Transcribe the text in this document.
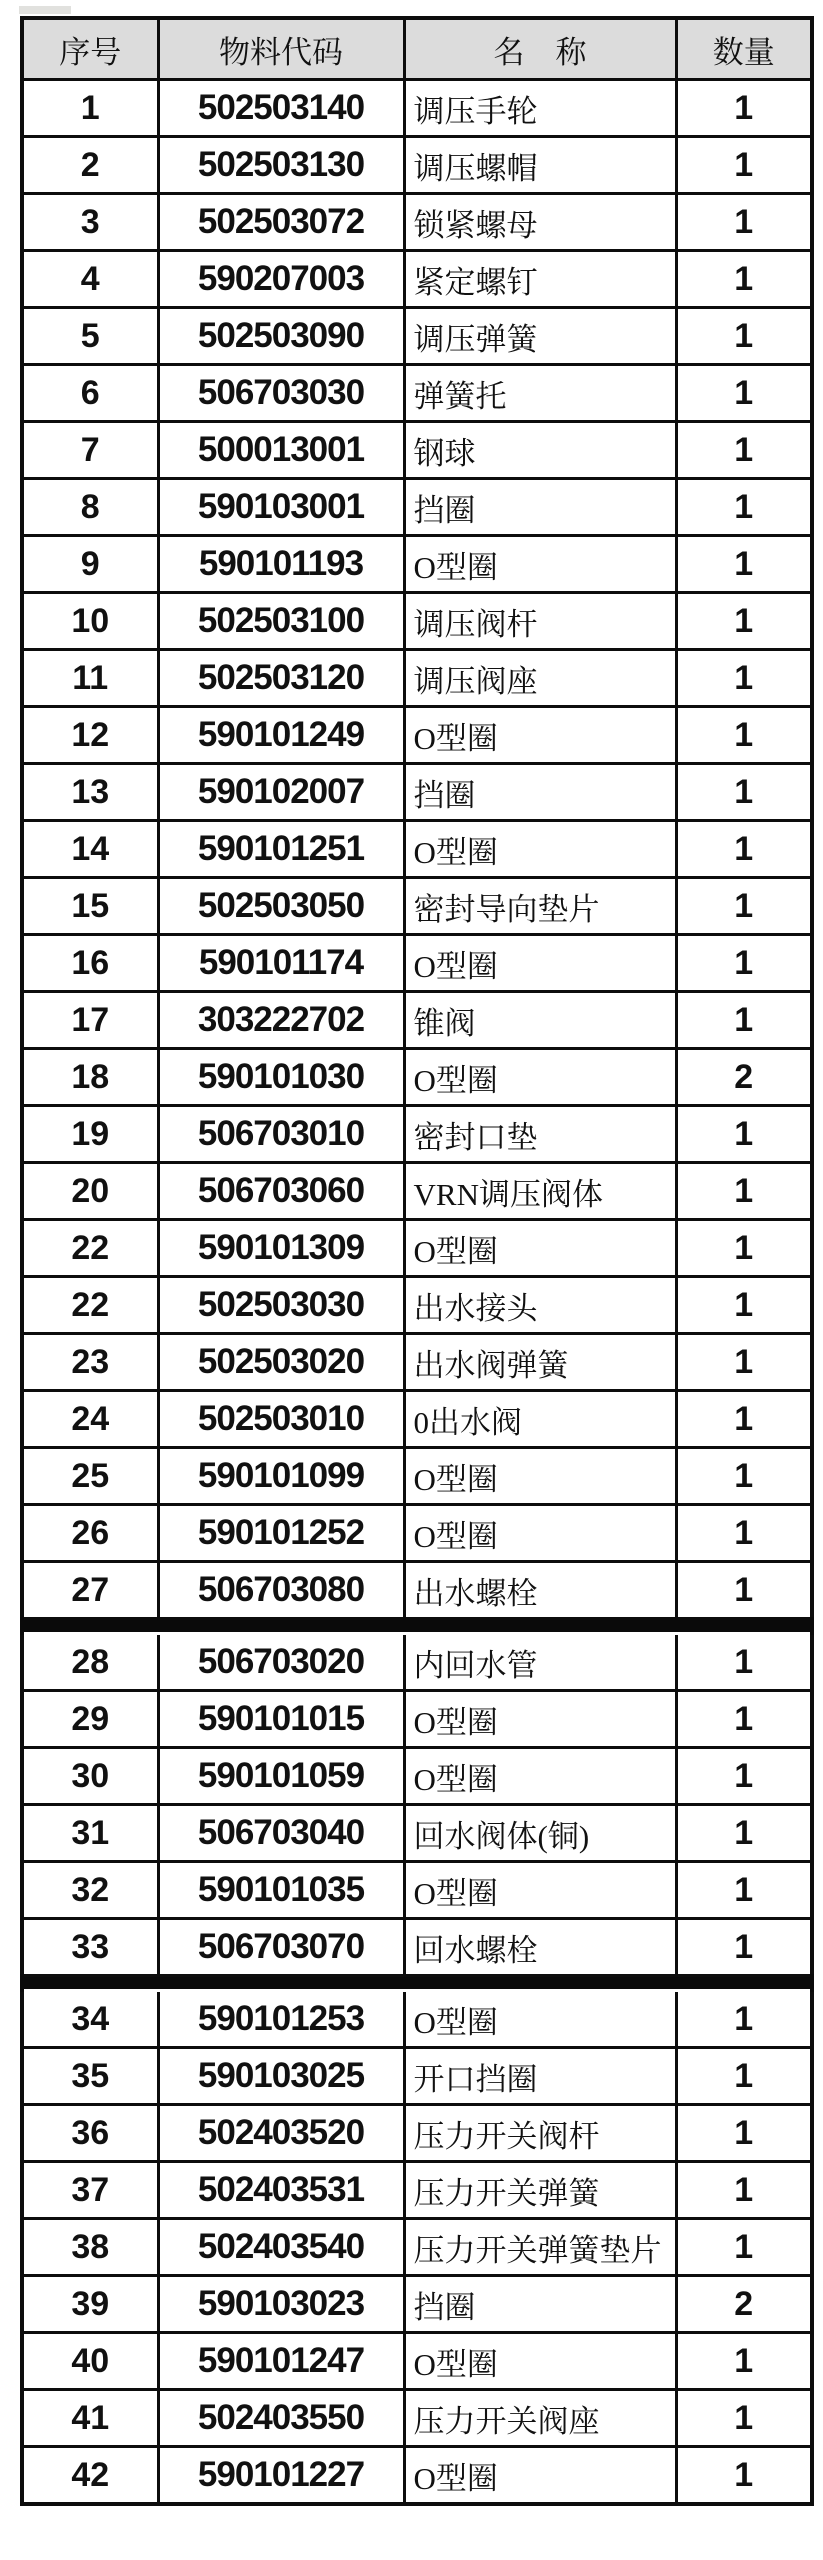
序号	物料代码	名　称	数量
1	502503140	调压手轮	1
2	502503130	调压螺帽	1
3	502503072	锁紧螺母	1
4	590207003	紧定螺钉	1
5	502503090	调压弹簧	1
6	506703030	弹簧托	1
7	500013001	钢球	1
8	590103001	挡圈	1
9	590101193	O型圈	1
10	502503100	调压阀杆	1
11	502503120	调压阀座	1
12	590101249	O型圈	1
13	590102007	挡圈	1
14	590101251	O型圈	1
15	502503050	密封导向垫片	1
16	590101174	O型圈	1
17	303222702	锥阀	1
18	590101030	O型圈	2
19	506703010	密封口垫	1
20	506703060	VRN调压阀体	1
22	590101309	O型圈	1
22	502503030	出水接头	1
23	502503020	出水阀弹簧	1
24	502503010	0出水阀	1
25	590101099	O型圈	1
26	590101252	O型圈	1
27	506703080	出水螺栓	1

28	506703020	内回水管	1
29	590101015	O型圈	1
30	590101059	O型圈	1
31	506703040	回水阀体(铜)	1
32	590101035	O型圈	1
33	506703070	回水螺栓	1

34	590101253	O型圈	1
35	590103025	开口挡圈	1
36	502403520	压力开关阀杆	1
37	502403531	压力开关弹簧	1
38	502403540	压力开关弹簧垫片	1
39	590103023	挡圈	2
40	590101247	O型圈	1
41	502403550	压力开关阀座	1
42	590101227	O型圈	1
